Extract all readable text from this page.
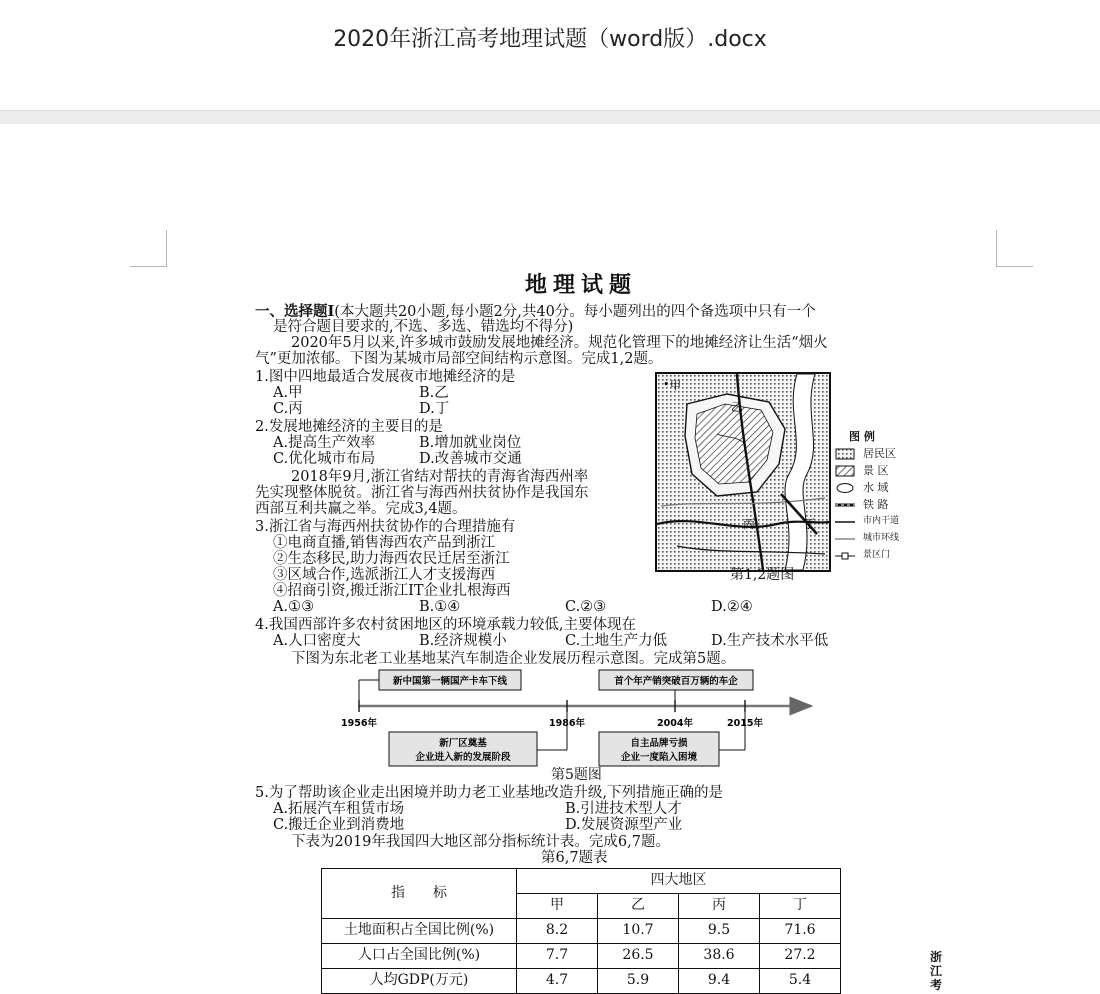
2020年浙江高考地理试题（word版）.docx
地理试题
一、选择题Ⅰ(本大题共20小题,每小题2分,共40分。每小题列出的四个备选项中只有一个
是符合题目要求的,不选、多选、错选均不得分)
2020年5月以来,许多城市鼓励发展地摊经济。规范化管理下的地摊经济让生活“烟火
气”更加浓郁。下图为某城市局部空间结构示意图。完成1,2题。
1.图中四地最适合发展夜市地摊经济的是
A.甲	B.乙
C.丙	D.丁
2.发展地摊经济的主要目的是
A.提高生产效率	B.增加就业岗位
C.优化城市布局	D.改善城市交通
2018年9月,浙江省结对帮扶的青海省海西州率
先实现整体脱贫。浙江省与海西州扶贫协作是我国东
西部互利共赢之举。完成3,4题。
3.浙江省与海西州扶贫协作的合理措施有
①电商直播,销售海西农产品到浙江
②生态移民,助力海西农民迁居至浙江
③区域合作,选派浙江人才支援海西
④招商引资,搬迁浙江IT企业扎根海西
A.①③	B.①④	C.②③	D.②④
4.我国西部许多农村贫困地区的环境承载力较低,主要体现在
A.人口密度大	B.经济规模小	C.土地生产力低	D.生产技术水平低
下图为东北老工业基地某汽车制造企业发展历程示意图。完成第5题。
• 甲
乙
丙	丁
图 例
居民区
景 区
水 域
铁 路
市内干道
城市环线
景区门
第1,2题图
新中国第一辆国产卡车下线	首个年产销突破百万辆的车企
新厂区奠基
企业进入新的发展阶段
自主品牌亏损
企业一度陷入困境
1956年	1986年	2004年	2015年
第5题图
5.为了帮助该企业走出困境并助力老工业基地改造升级,下列措施正确的是
A.拓展汽车租赁市场	B.引进技术型人才
C.搬迁企业到消费地	D.发展资源型产业
下表为2019年我国四大地区部分指标统计表。完成6,7题。
第6,7题表
指　　标	四大地区			
	甲	乙	丙	丁
土地面积占全国比例(%)	8.2	10.7	9.5	71.6
人口占全国比例(%)	7.7	26.5	38.6	27.2
人均GDP(万元)	4.7	5.9	9.4	5.4
浙江考
